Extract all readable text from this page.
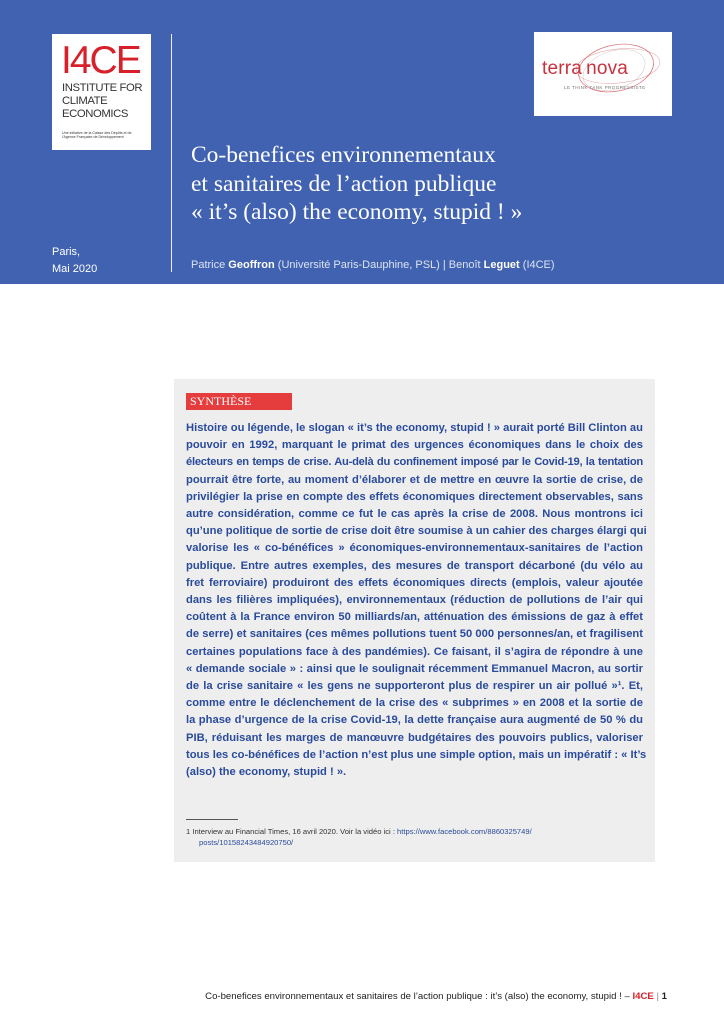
I4CE
INSTITUTE FOR
CLIMATE
ECONOMICS
Une initiative de la Caisse des Dépôts et de l'Agence Française de Développement
terra nova
LE THINK TANK PROGRESSISTE
Co-benefices environnementaux
et sanitaires de l’action publique
« it’s (also) the economy, stupid ! »
Paris,
Mai 2020	Patrice Geoffron (Université Paris-Dauphine, PSL) | Benoît Leguet (I4CE)
SYNTHÈSE
Histoire ou légende, le slogan « it’s the economy, stupid ! » aurait porté Bill Clinton au
pouvoir en 1992, marquant le primat des urgences économiques dans le choix des
électeurs en temps de crise. Au-delà du confinement imposé par le Covid-19, la tentation
pourrait être forte, au moment d’élaborer et de mettre en œuvre la sortie de crise, de
privilégier la prise en compte des effets économiques directement observables, sans
autre considération, comme ce fut le cas après la crise de 2008. Nous montrons ici
qu’une politique de sortie de crise doit être soumise à un cahier des charges élargi qui
valorise les « co-bénéfices » économiques-environnementaux-sanitaires de l’action
publique. Entre autres exemples, des mesures de transport décarboné (du vélo au
fret ferroviaire) produiront des effets économiques directs (emplois, valeur ajoutée
dans les filières impliquées), environnementaux (réduction de pollutions de l’air qui
coûtent à la France environ 50 milliards/an, atténuation des émissions de gaz à effet
de serre) et sanitaires (ces mêmes pollutions tuent 50 000 personnes/an, et fragilisent
certaines populations face à des pandémies). Ce faisant, il s’agira de répondre à une
« demande sociale » : ainsi que le soulignait récemment Emmanuel Macron, au sortir
de la crise sanitaire « les gens ne supporteront plus de respirer un air pollué »¹. Et,
comme entre le déclenchement de la crise des « subprimes » en 2008 et la sortie de
la phase d’urgence de la crise Covid-19, la dette française aura augmenté de 50 % du
PIB, réduisant les marges de manœuvre budgétaires des pouvoirs publics, valoriser
tous les co-bénéfices de l’action n’est plus une simple option, mais un impératif : « It’s
(also) the economy, stupid ! ».
1 Interview au Financial Times, 16 avril 2020. Voir la vidéo ici : https://www.facebook.com/8860325749/
posts/10158243484920750/
Co-benefices environnementaux et sanitaires de l’action publique : it’s (also) the economy, stupid ! – I4CE | 1
